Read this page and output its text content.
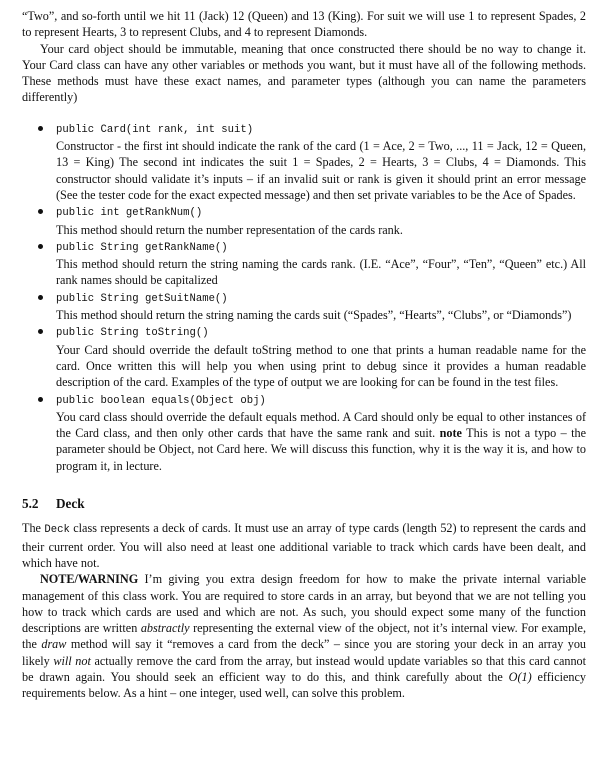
“Two”, and so-forth until we hit 11 (Jack) 12 (Queen) and 13 (King). For suit we will use 1 to represent Spades, 2 to represent Hearts, 3 to represent Clubs, and 4 to represent Diamonds.

Your card object should be immutable, meaning that once constructed there should be no way to change it. Your Card class can have any other variables or methods you want, but it must have all of the following methods. These methods must have these exact names, and parameter types (although you can name the parameters differently)

public Card(int rank, int suit)
Constructor - the first int should indicate the rank of the card (1 = Ace, 2 = Two, ..., 11 = Jack, 12 = Queen, 13 = King) The second int indicates the suit 1 = Spades, 2 = Hearts, 3 = Clubs, 4 = Diamonds. This constructor should validate it’s inputs – if an invalid suit or rank is given it should print an error message (See the tester code for the exact expected message) and then set private variables to be the Ace of Spades.
public int getRankNum()
This method should return the number representation of the cards rank.
public String getRankName()
This method should return the string naming the cards rank. (I.E. “Ace”, “Four”, “Ten”, “Queen” etc.) All rank names should be capitalized
public String getSuitName()
This method should return the string naming the cards suit (“Spades”, “Hearts”, “Clubs”, or “Diamonds”)
public String toString()
Your Card should override the default toString method to one that prints a human readable name for the card. Once written this will help you when using print to debug since it provides a human readable description of the card. Examples of the type of output we are looking for can be found in the test files.
public boolean equals(Object obj)
You card class should override the default equals method. A Card should only be equal to other instances of the Card class, and then only other cards that have the same rank and suit. note This is not a typo – the parameter should be Object, not Card here. We will discuss this function, why it is the way it is, and how to program it, in lecture.
5.2 Deck

The Deck class represents a deck of cards. It must use an array of type cards (length 52) to represent the cards and their current order. You will also need at least one additional variable to track which cards have been dealt, and which have not.

NOTE/WARNING I’m giving you extra design freedom for how to make the private internal variable management of this class work. You are required to store cards in an array, but beyond that we are not telling you how to track which cards are used and which are not. As such, you should expect some many of the function descriptions are written abstractly representing the external view of the object, not it’s internal view. For example, the draw method will say it “removes a card from the deck” – since you are storing your deck in an array you likely will not actually remove the card from the array, but instead would update variables so that this card cannot be drawn again. You should seek an efficient way to do this, and think carefully about the O(1) efficiency requirements below. As a hint – one integer, used well, can solve this problem.
